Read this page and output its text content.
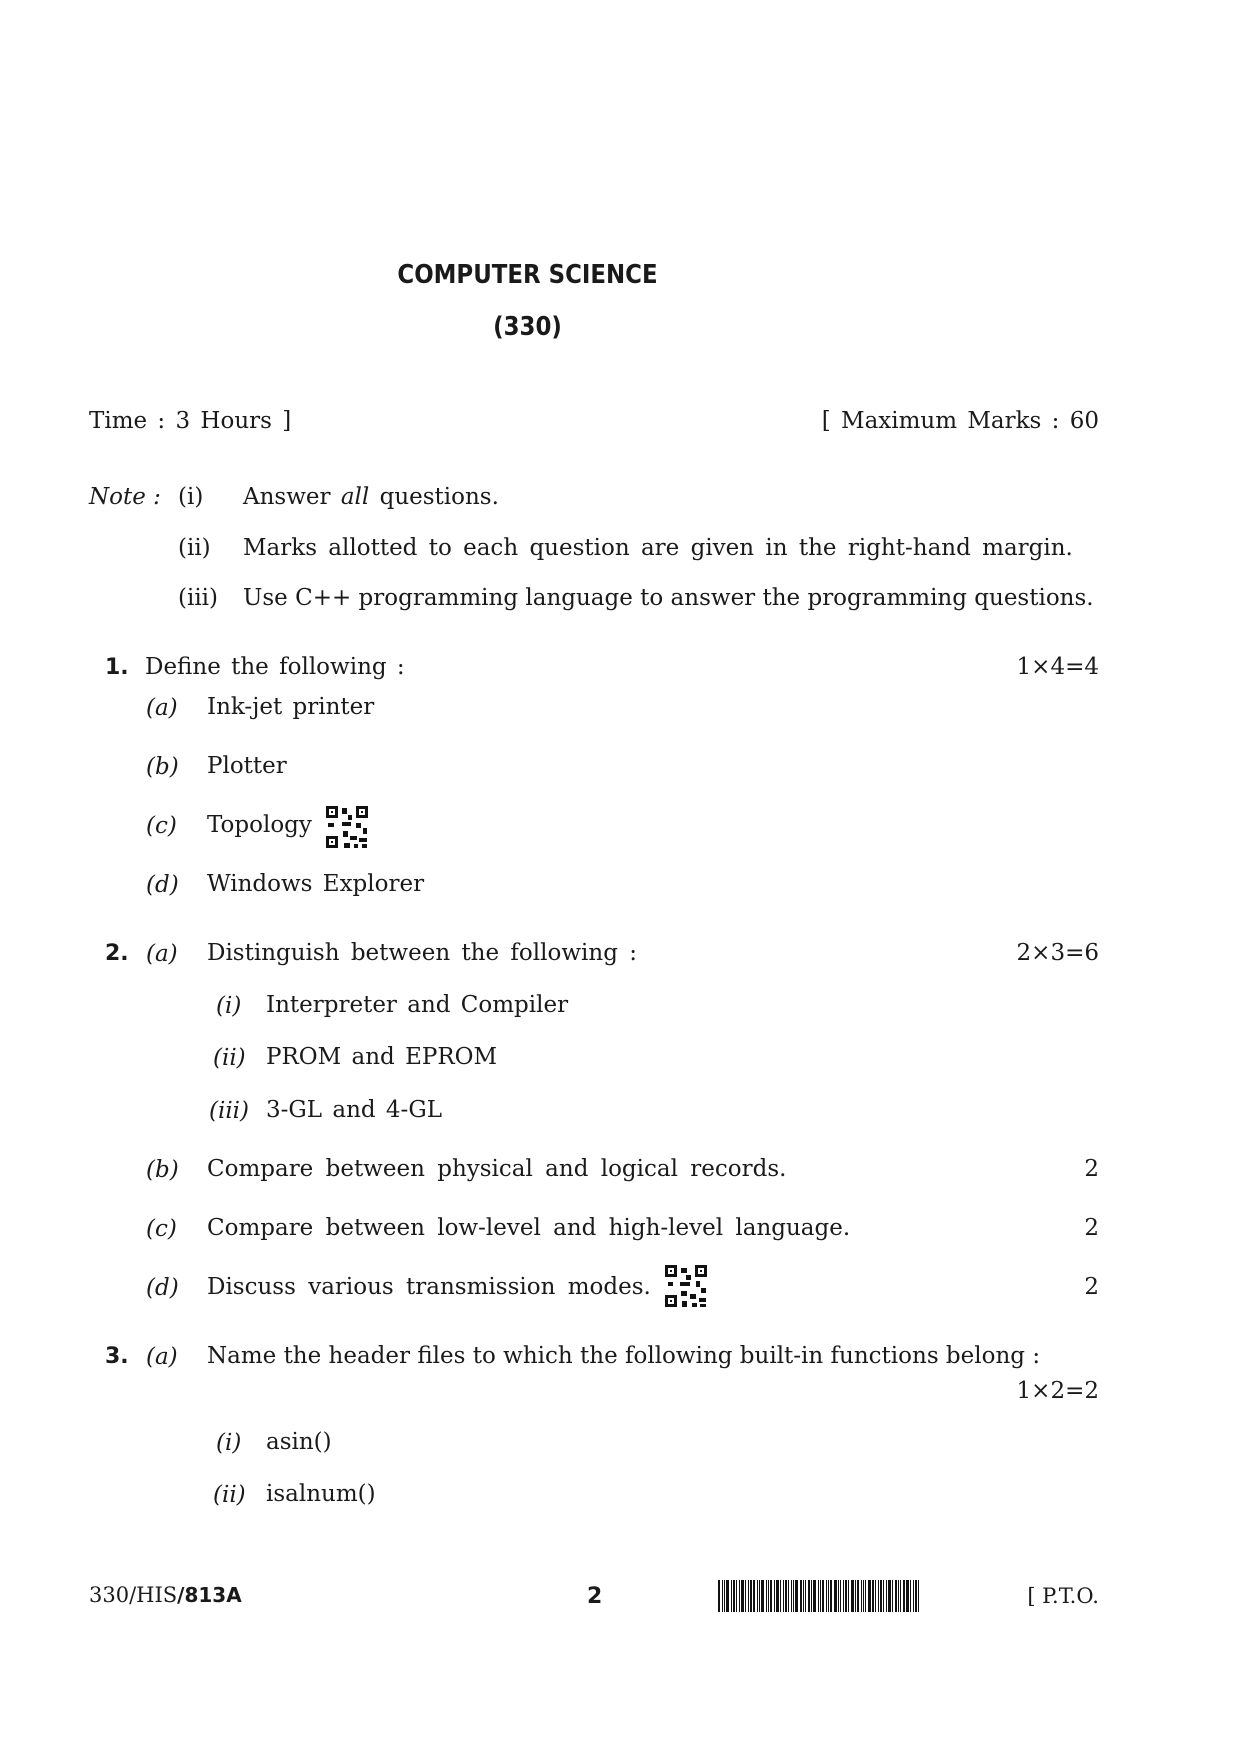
COMPUTER SCIENCE
(330)
Time : 3 Hours ]	[ Maximum Marks : 60
Note : (i) Answer all questions.
(ii) Marks allotted to each question are given in the right-hand margin.
(iii) Use C++ programming language to answer the programming questions.
1. Define the following :	1×4=4
(a) Ink-jet printer
(b) Plotter
(c) Topology
(d) Windows Explorer
2. (a) Distinguish between the following :	2×3=6
(i) Interpreter and Compiler
(ii) PROM and EPROM
(iii) 3-GL and 4-GL
(b) Compare between physical and logical records.	2
(c) Compare between low-level and high-level language.	2
(d) Discuss various transmission modes.	2
3. (a) Name the header files to which the following built-in functions belong :
1×2=2
(i) asin()
(ii) isalnum()
330/HIS/813A	2	[ P.T.O.
